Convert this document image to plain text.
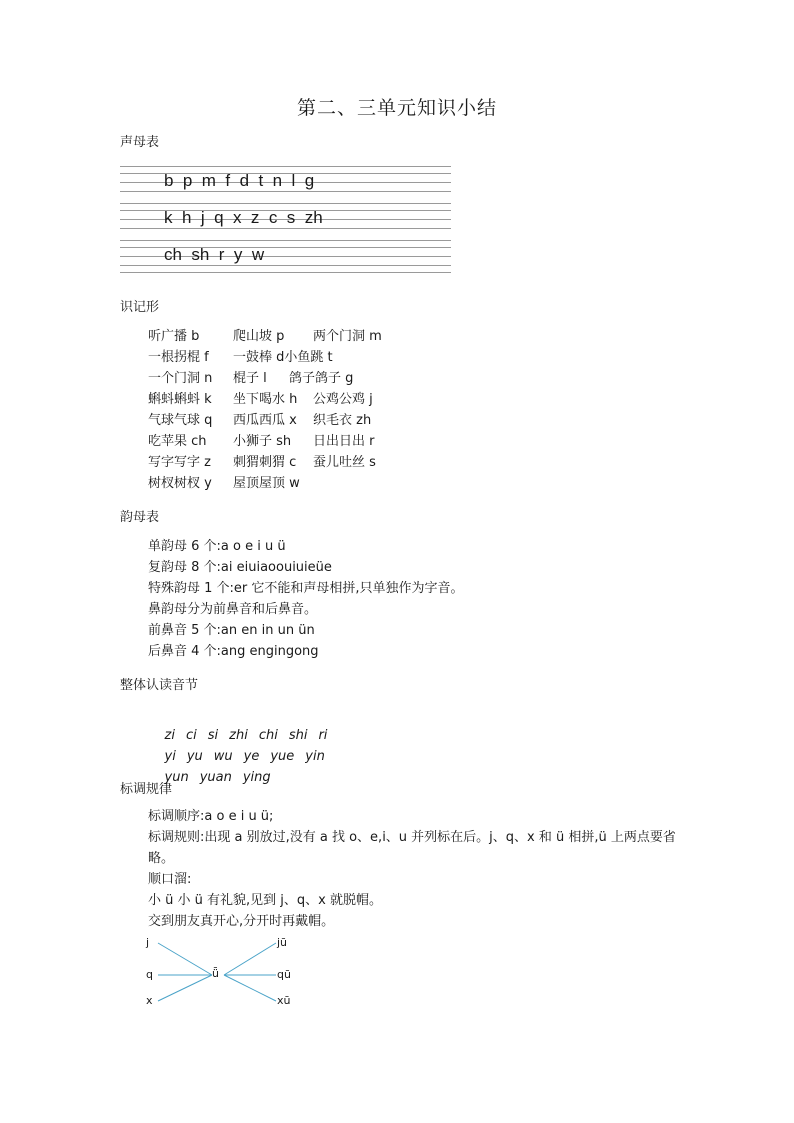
第二、三单元知识小结
声母表
b  p  m  f  d  t  n  l  g
k  h  j  q  x  z  c  s  zh
ch  sh  r  y  w
识记形
听广播 b	爬山坡 p 两个门洞 m
一根拐棍 f 一鼓棒 d小鱼跳 t
一个门洞 n 棍子 l 鸽子鸽子 g
蝌蚪蝌蚪 k 坐下喝水 h 公鸡公鸡 j
气球气球 q 西瓜西瓜 x 织毛衣 zh
吃苹果 ch 小狮子 sh 日出日出 r
写字写字 z 刺猬刺猬 c 蚕儿吐丝 s
树杈树杈 y 屋顶屋顶 w
韵母表
单韵母 6 个:a o e i u ü
复韵母 8 个:ai eiuiaoouiuieüe
特殊韵母 1 个:er 它不能和声母相拼,只单独作为字音。
鼻韵母分为前鼻音和后鼻音。
前鼻音 5 个:an en in un ün
后鼻音 4 个:ang engingong
整体认读音节

zi ci si zhi chi shi ri

yi yu wu ye yue yin

yun yuan ying

标调规律
标调顺序:a o e i u ü;
标调规则:出现 a 别放过,没有 a 找 o、e,i、u 并列标在后。j、q、x 和 ü 相拼,ü 上两点要省略。
顺口溜:
小 ü 小 ü 有礼貌,见到 j、q、x 就脱帽。
交到朋友真开心,分开时再戴帽。
j
q
x
ǖ
jū
qū
xū
